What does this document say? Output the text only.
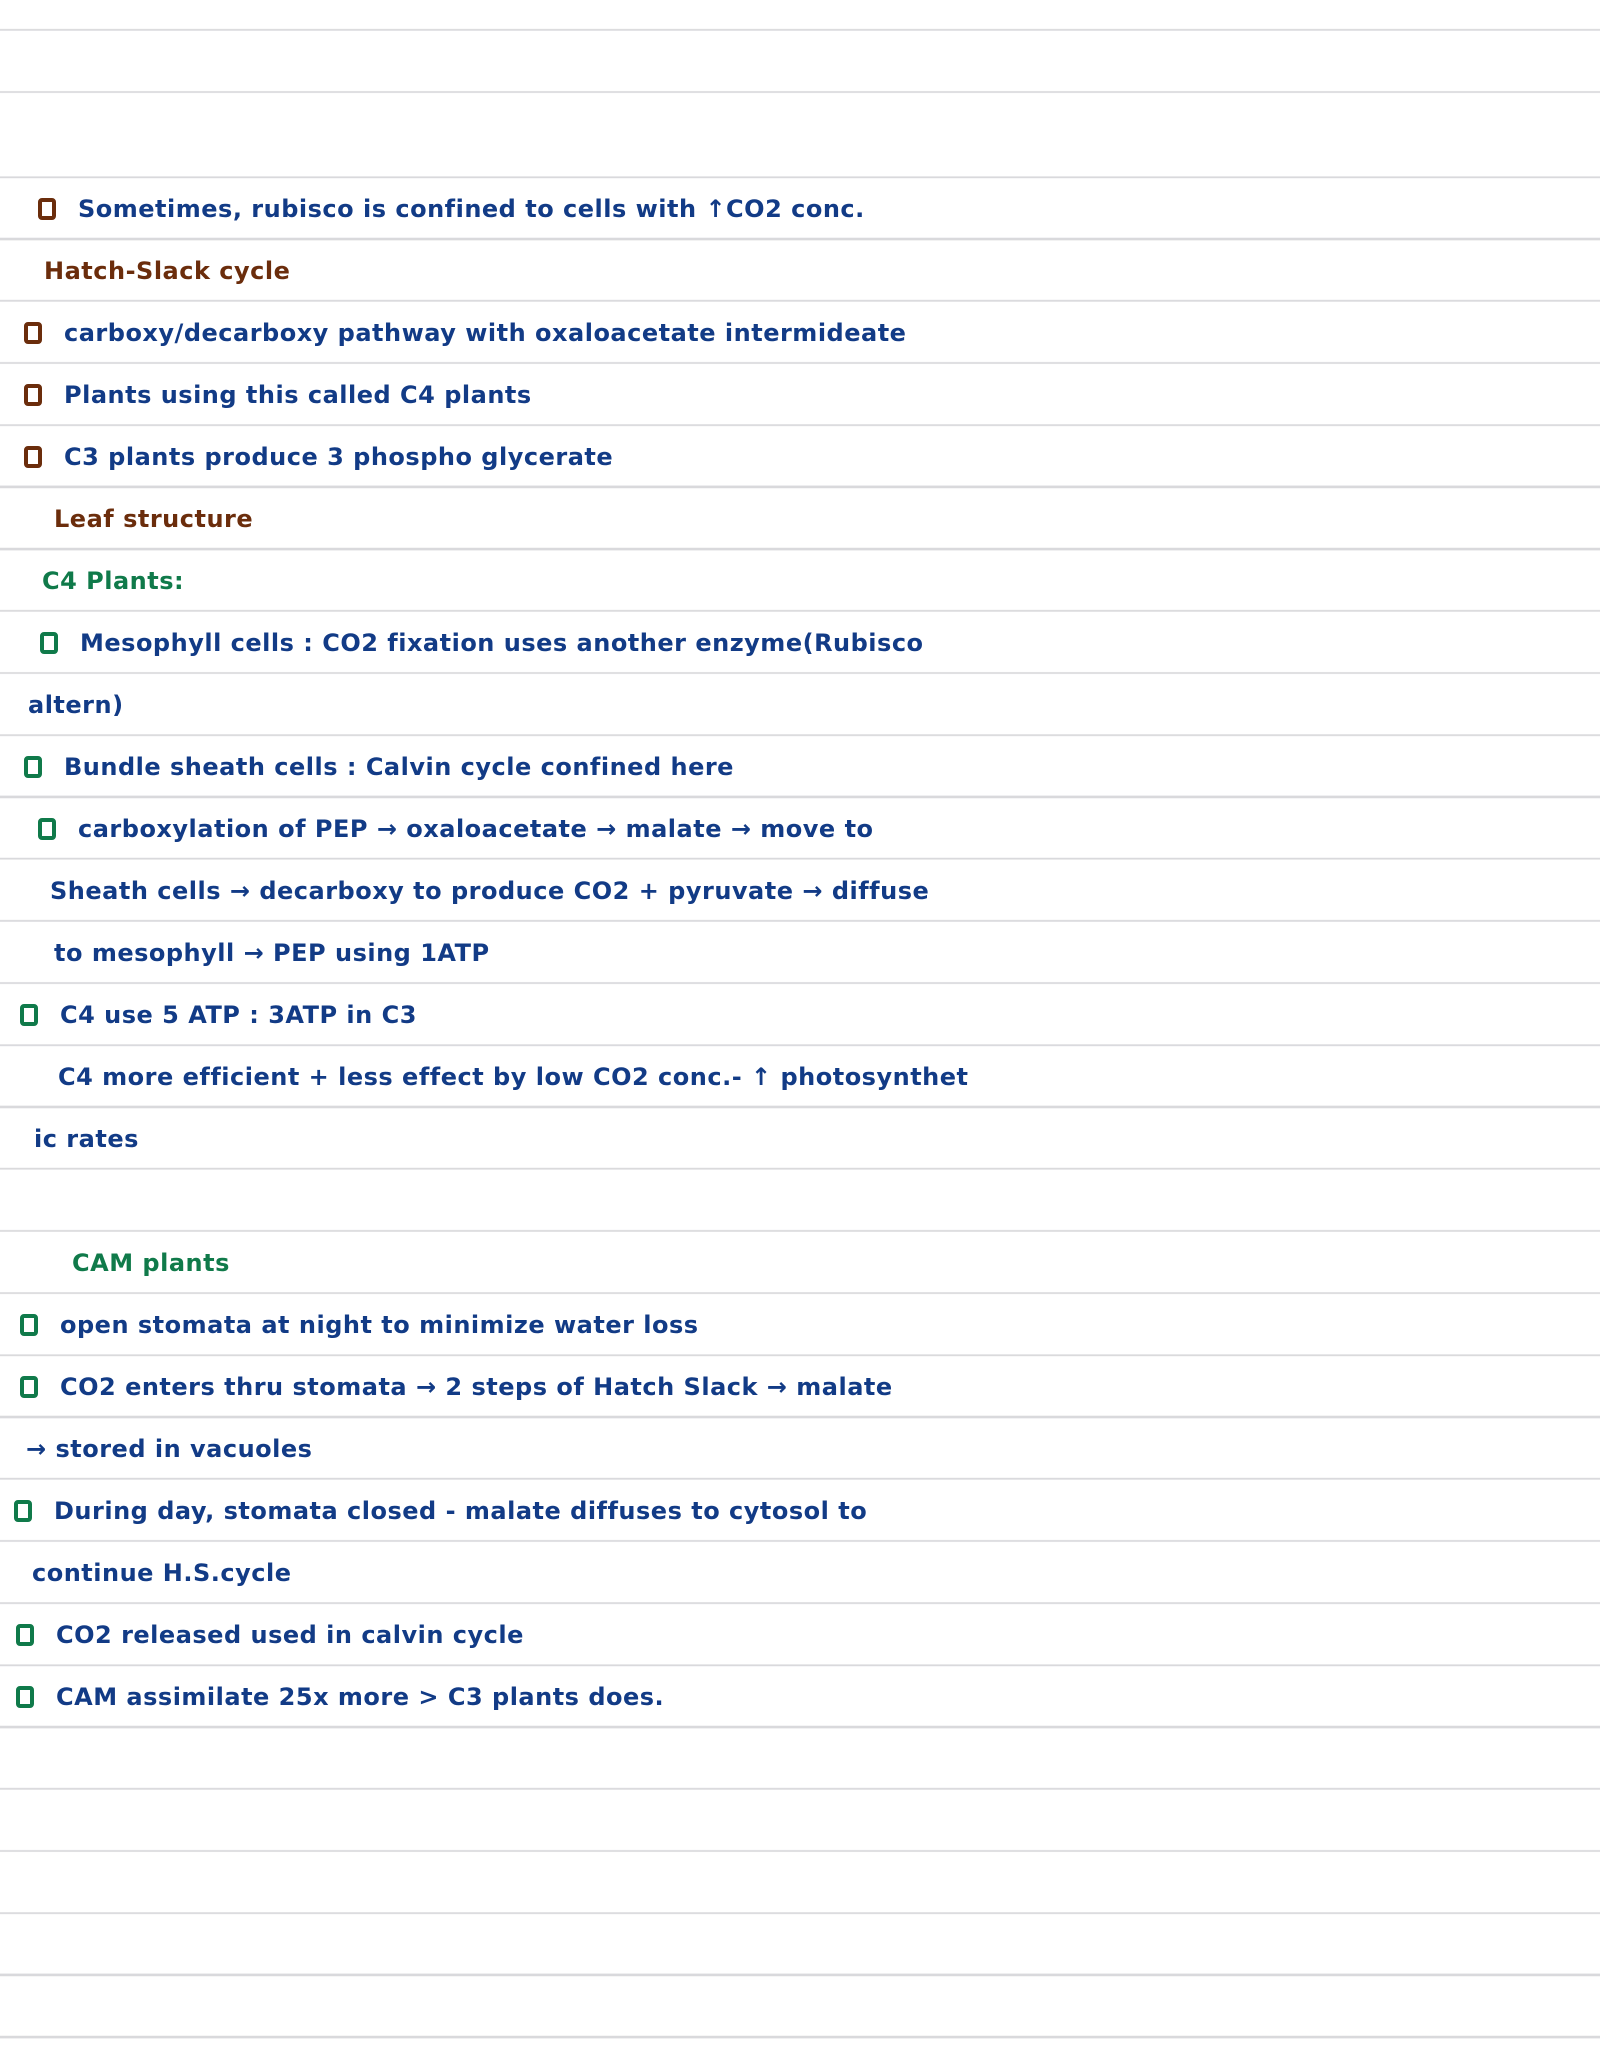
Sometimes, rubisco is confined to cells with ↑CO2 conc.
Hatch-Slack cycle
carboxy/decarboxy pathway with oxaloacetate intermideate
Plants using this called C4 plants
C3 plants produce 3 phospho glycerate
Leaf structure
C4 Plants:
Mesophyll cells : CO2 fixation uses another enzyme(Rubisco
altern)
Bundle sheath cells : Calvin cycle confined here
carboxylation of PEP → oxaloacetate → malate → move to
Sheath cells → decarboxy to produce CO2 + pyruvate → diffuse
to mesophyll → PEP using 1ATP
C4 use 5 ATP : 3ATP in C3
C4 more efficient + less effect by low CO2 conc.- ↑ photosynthet
ic rates
CAM plants
open stomata at night to minimize water loss
CO2 enters thru stomata → 2 steps of Hatch Slack → malate
→ stored in vacuoles
During day, stomata closed - malate diffuses to cytosol to
continue H.S.cycle
CO2 released used in calvin cycle
CAM assimilate 25x more > C3 plants does.
